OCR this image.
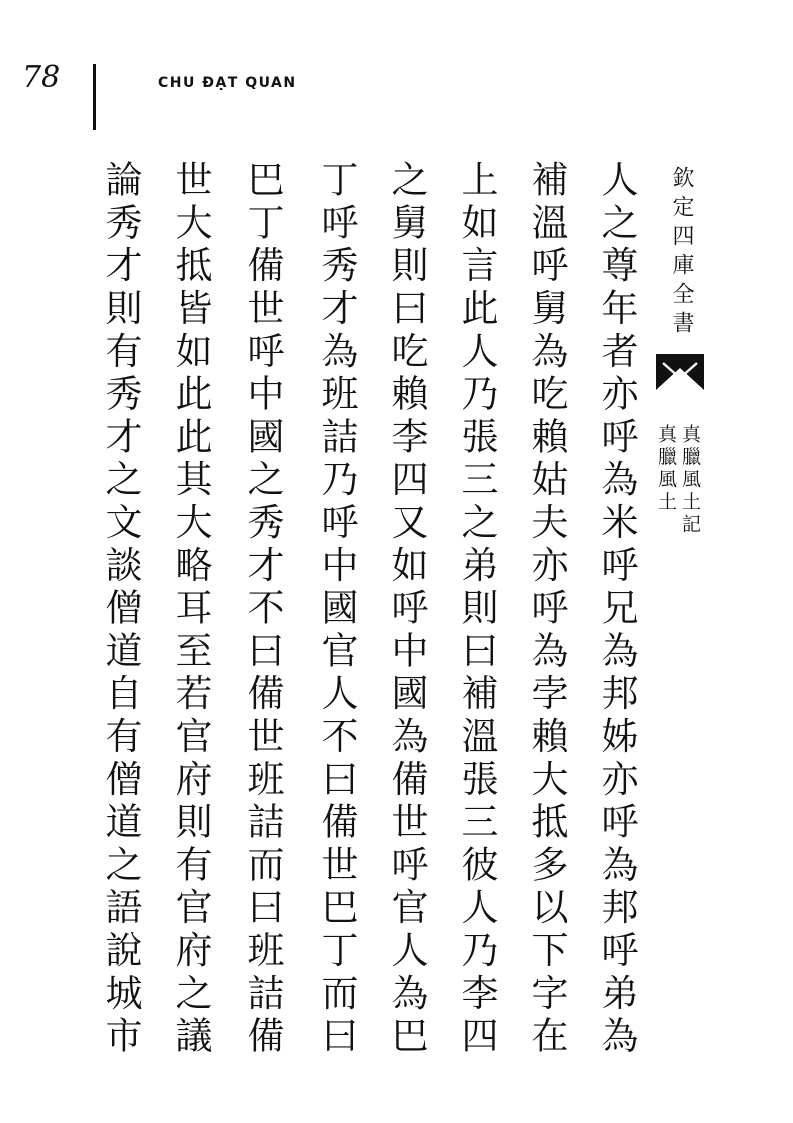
78	CHU ĐẠT QUAN
欽定四庫全書
真臘風土記
真臘風土
人之尊年者亦呼為米呼兄為邦姊亦呼為邦呼弟為
補溫呼舅為吃賴姑夫亦呼為孛賴大抵多以下字在
上如言此人乃張三之弟則曰補溫張三彼人乃李四
之舅則曰吃賴李四又如呼中國為備世呼官人為巴
丁呼秀才為班詰乃呼中國官人不曰備世巴丁而曰
巴丁備世呼中國之秀才不曰備世班詰而曰班詰備
世大抵皆如此此其大略耳至若官府則有官府之議
論秀才則有秀才之文談僧道自有僧道之語說城市
